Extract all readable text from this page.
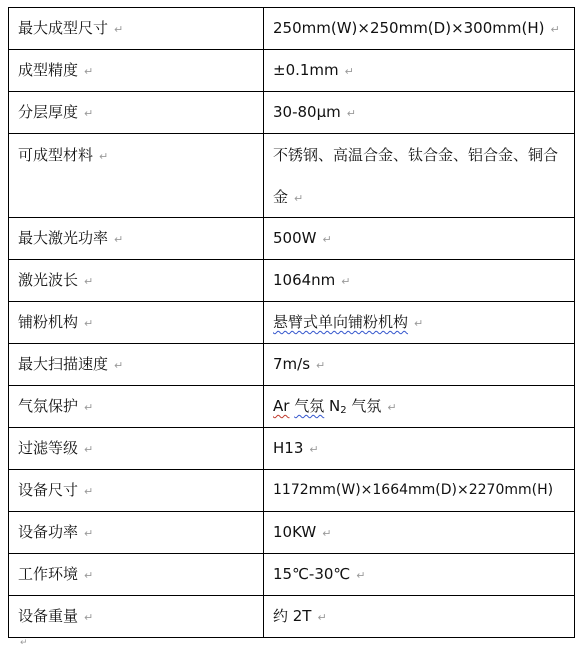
最大成型尺寸 ↵	250mm(W)×250mm(D)×300mm(H) ↵
成型精度 ↵	±0.1mm ↵
分层厚度 ↵	30-80μm ↵
可成型材料 ↵	不锈钢、高温合金、钛合金、铝合金、铜合金 ↵
最大激光功率 ↵	500W ↵
激光波长 ↵	1064nm ↵
铺粉机构 ↵	悬臂式单向铺粉机构 ↵
最大扫描速度 ↵	7m/s ↵
气氛保护 ↵	Ar 气氛 $N_2$ 气氛 ↵
过滤等级 ↵	H13 ↵
设备尺寸 ↵	1172mm(W)×1664mm(D)×2270mm(H)
设备功率 ↵	10KW ↵
工作环境 ↵	15℃-30℃ ↵
设备重量 ↵	约 2T ↵
↵
